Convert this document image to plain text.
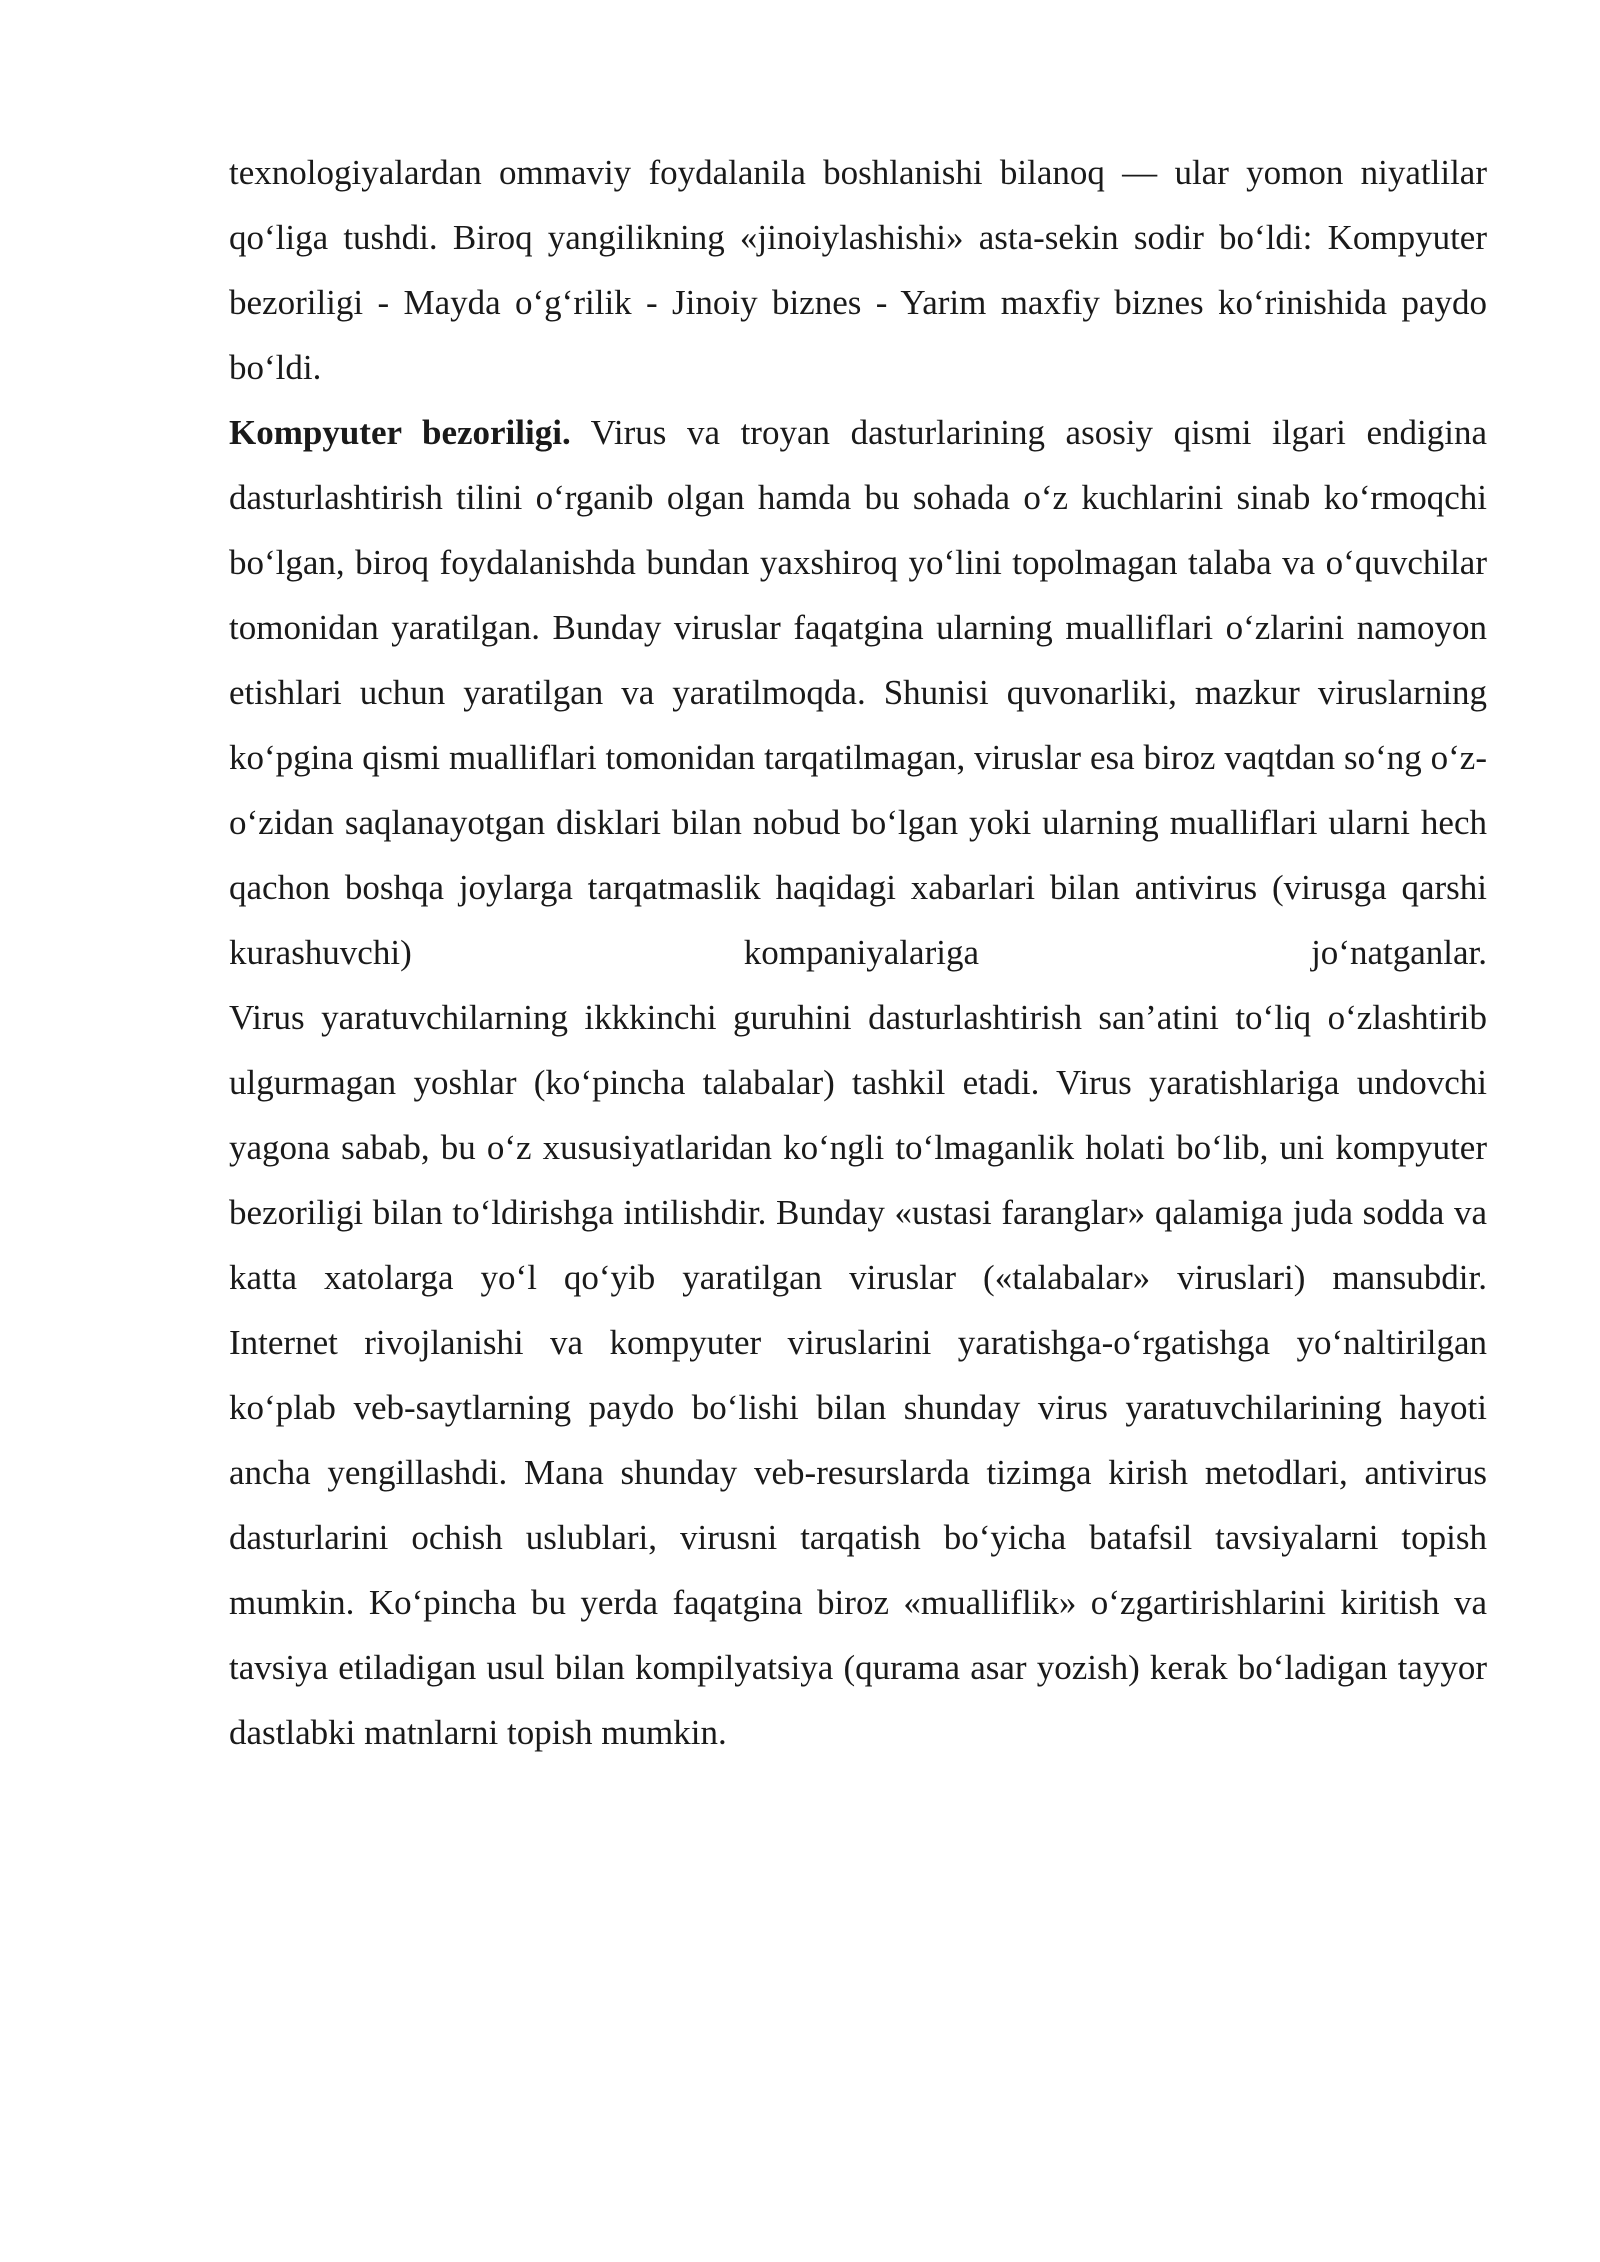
texnologiyalardan ommaviy foydalanila boshlanishi bilanoq — ular yomon niyatlilar qo‘liga tushdi. Biroq yangilikning «jinoiylashishi» asta-sekin sodir bo‘ldi: Kompyuter bezoriligi - Mayda o‘g‘rilik - Jinoiy biznes - Yarim maxfiy biznes ko‘rinishida paydo bo‘ldi.

Kompyuter bezoriligi. Virus va troyan dasturlarining asosiy qismi ilgari endigina dasturlashtirish tilini o‘rganib olgan hamda bu sohada o‘z kuchlarini sinab ko‘rmoqchi bo‘lgan, biroq foydalanishda bundan yaxshiroq yo‘lini topolmagan talaba va o‘quvchilar tomonidan yaratilgan. Bunday viruslar faqatgina ularning mualliflari o‘zlarini namoyon etishlari uchun yaratilgan va yaratilmoqda. Shunisi quvonarliki, mazkur viruslarning ko‘pgina qismi mualliflari tomonidan tarqatilmagan, viruslar esa biroz vaqtdan so‘ng o‘z-o‘zidan saqlanayotgan disklari bilan nobud bo‘lgan yoki ularning mualliflari ularni hech qachon boshqa joylarga tarqatmaslik haqidagi xabarlari bilan antivirus (virusga qarshi kurashuvchi) kompaniyalariga jo‘natganlar.

Virus yaratuvchilarning ikkkinchi guruhini dasturlashtirish san’atini to‘liq o‘zlashtirib ulgurmagan yoshlar (ko‘pincha talabalar) tashkil etadi. Virus yaratishlariga undovchi yagona sabab, bu o‘z xususiyatlaridan ko‘ngli to‘lmaganlik holati bo‘lib, uni kompyuter bezoriligi bilan to‘ldirishga intilishdir. Bunday «ustasi faranglar» qalamiga juda sodda va katta xatolarga yo‘l qo‘yib yaratilgan viruslar («talabalar» viruslari) mansubdir.

Internet rivojlanishi va kompyuter viruslarini yaratishga-o‘rgatishga yo‘naltirilgan ko‘plab veb-saytlarning paydo bo‘lishi bilan shunday virus yaratuvchilarining hayoti ancha yengillashdi. Mana shunday veb-resurslarda tizimga kirish metodlari, antivirus dasturlarini ochish uslublari, virusni tarqatish bo‘yicha batafsil tavsiyalarni topish mumkin. Ko‘pincha bu yerda faqatgina biroz «mualliflik» o‘zgartirishlarini kiritish va tavsiya etiladigan usul bilan kompilyatsiya (qurama asar yozish) kerak bo‘ladigan tayyor dastlabki matnlarni topish mumkin.
